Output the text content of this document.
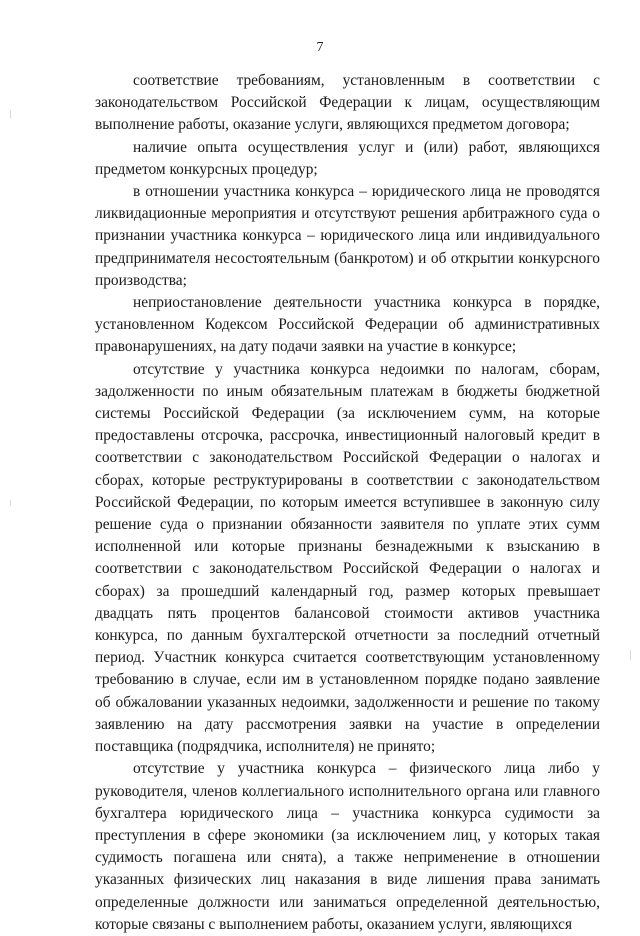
7

соответствие требованиям, установленным в соответствии с законодательством Российской Федерации к лицам, осуществляющим выполнение работы, оказание услуги, являющихся предметом договора;

наличие опыта осуществления услуг и (или) работ, являющихся предметом конкурсных процедур;

в отношении участника конкурса – юридического лица не проводятся ликвидационные мероприятия и отсутствуют решения арбитражного суда о признании участника конкурса – юридического лица или индивидуального предпринимателя несостоятельным (банкротом) и об открытии конкурсного производства;

неприостановление деятельности участника конкурса в порядке, установленном Кодексом Российской Федерации об административных правонарушениях, на дату подачи заявки на участие в конкурсе;

отсутствие у участника конкурса недоимки по налогам, сборам, задолженности по иным обязательным платежам в бюджеты бюджетной системы Российской Федерации (за исключением сумм, на которые предоставлены отсрочка, рассрочка, инвестиционный налоговый кредит в соответствии с законодательством Российской Федерации о налогах и сборах, которые реструктурированы в соответствии с законодательством Российской Федерации, по которым имеется вступившее в законную силу решение суда о признании обязанности заявителя по уплате этих сумм исполненной или которые признаны безнадежными к взысканию в соответствии с законодательством Российской Федерации о налогах и сборах) за прошедший календарный год, размер которых превышает двадцать пять процентов балансовой стоимости активов участника конкурса, по данным бухгалтерской отчетности за последний отчетный период. Участник конкурса считается соответствующим установленному требованию в случае, если им в установленном порядке подано заявление об обжаловании указанных недоимки, задолженности и решение по такому заявлению на дату рассмотрения заявки на участие в определении поставщика (подрядчика, исполнителя) не принято;

отсутствие у участника конкурса – физического лица либо у руководителя, членов коллегиального исполнительного органа или главного бухгалтера юридического лица – участника конкурса судимости за преступления в сфере экономики (за исключением лиц, у которых такая судимость погашена или снята), а также неприменение в отношении указанных физических лиц наказания в виде лишения права занимать определенные должности или заниматься определенной деятельностью, которые связаны с выполнением работы, оказанием услуги, являющихся
